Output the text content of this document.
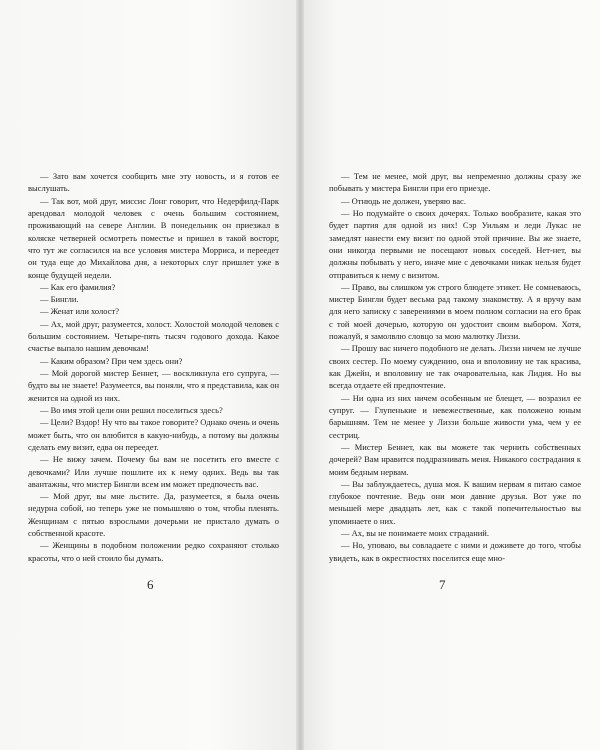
— Зато вам хочется сообщить мне эту новость, и я готов ее выслушать.

— Так вот, мой друг, миссис Лонг говорит, что Недерфилд-Парк арендовал молодой человек с очень большим состоянием, проживающий на севере Англии. В понедельник он приезжал в коляске четверней осмотреть поместье и пришел в такой восторг, что тут же согласился на все условия мистера Морриса, и переедет он туда еще до Михайлова дня, а некоторых слуг пришлет уже в конце будущей недели.

— Как его фамилия?

— Бингли.

— Женат или холост?

— Ах, мой друг, разумеется, холост. Холостой молодой человек с большим состоянием. Четыре-пять тысяч годового дохода. Какое счастье выпало нашим девочкам!

— Каким образом? При чем здесь они?

— Мой дорогой мистер Беннет, — воскликнула его супруга, — будто вы не знаете! Разумеется, вы поняли, что я представила, как он женится на одной из них.

— Во имя этой цели они решил поселиться здесь?

— Цели? Вздор! Ну что вы такое говорите? Однако очень и очень может быть, что он влюбится в какую-нибудь, а потому вы должны сделать ему визит, едва он переедет.

— Не вижу зачем. Почему бы вам не посетить его вместе с девочками? Или лучше пошлите их к нему одних. Ведь вы так авантажны, что мистер Бингли всем им может предпочесть вас.

— Мой друг, вы мне льстите. Да, разумеется, я была очень недурна собой, но теперь уже не помышляю о том, чтобы пленять. Женщинам с пятью взрослыми дочерьми не пристало думать о собственной красоте.

— Женщины в подобном положении редко сохраняют столько красоты, что о ней стоило бы думать.

6

— Тем не менее, мой друг, вы непременно должны сразу же побывать у мистера Бингли при его приезде.

— Отнюдь не должен, уверяю вас.

— Но подумайте о своих дочерях. Только вообразите, какая это будет партия для одной из них! Сэр Уильям и леди Лукас не замедлят нанести ему визит по одной этой причине. Вы же знаете, они никогда первыми не посещают новых соседей. Нет-нет, вы должны побывать у него, иначе мне с девочками никак нельзя будет отправиться к нему с визитом.

— Право, вы слишком уж строго блюдете этикет. Не сомневаюсь, мистер Бингли будет весьма рад такому знакомству. А я вручу вам для него записку с заверениями в моем полном согласии на его брак с той моей дочерью, которую он удостоит своим выбором. Хотя, пожалуй, я замолвлю словцо за мою малютку Лиззи.

— Прошу вас ничего подобного не делать. Лиззи ничем не лучше своих сестер. По моему суждению, она и вполовину не так красива, как Джейн, и вполовину не так очаровательна, как Лидия. Но вы всегда отдаете ей предпочтение.

— Ни одна из них ничем особенным не блещет, — возразил ее супруг. — Глупенькие и невежественные, как положено юным барышням. Тем не менее у Лиззи больше живости ума, чем у ее сестриц.

— Мистер Беннет, как вы можете так чернить собственных дочерей? Вам нравится поддразнивать меня. Никакого сострадания к моим бедным нервам.

— Вы заблуждаетесь, душа моя. К вашим нервам я питаю самое глубокое почтение. Ведь они мои давние друзья. Вот уже по меньшей мере двадцать лет, как с такой попечительностью вы упоминаете о них.

— Ах, вы не понимаете моих страданий.

— Но, уповаю, вы совладаете с ними и доживете до того, чтобы увидеть, как в окрестностях поселится еще мно-

7
